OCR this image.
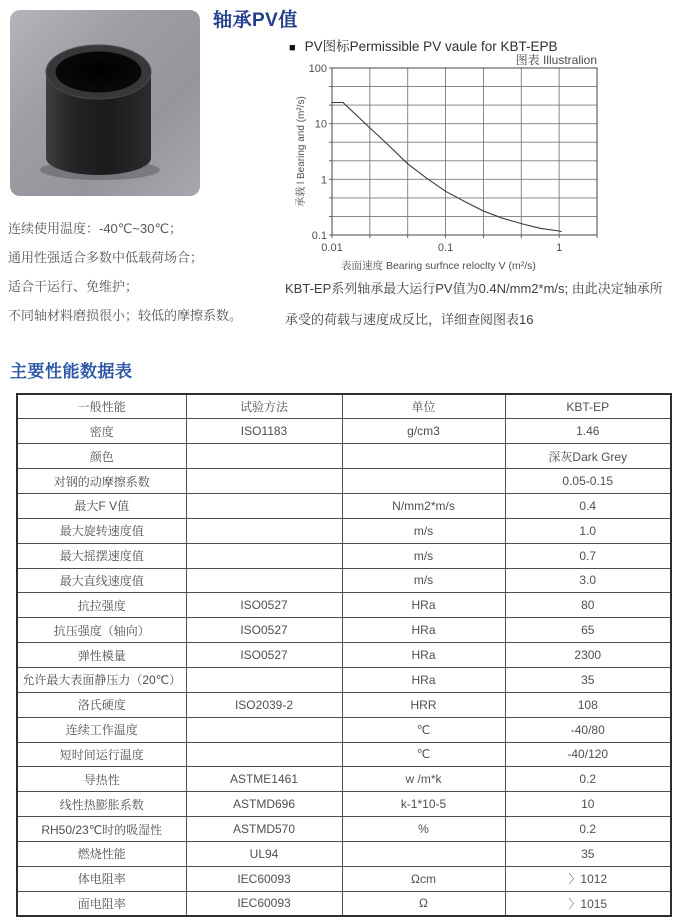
轴承PV值
■ PV图标Permissible PV vaule for KBT-EPB
图表 Illustralion
0.01	0.1	1
100
10
1
0.1
表面速度 Bearing surfnce reloclty V (m²/s)
承载 l Bearing and (m²/s)
连续使用温度：-40℃~30℃；
通用性强适合多数中低载荷场合；
适合干运行、免维护；
不同轴材料磨损很小；较低的摩擦系数。
KBT-EP系列轴承最大运行PV值为0.4N/mm2*m/s; 由此决定轴承所
承受的荷载与速度成反比，详细查阅图表16
主要性能数据表
一般性能	试验方法	单位	KBT-EP
密度	ISO1183	g/cm3	1.46
颜色			深灰Dark Grey
对钢的动摩擦系数			0.05-0.15
最大F V值		N/mm2*m/s	0.4
最大旋转速度值		m/s	1.0
最大摇摆速度值		m/s	0.7
最大直线速度值		m/s	3.0
抗拉强度	ISO0527	HRa	80
抗压强度（轴向）	ISO0527	HRa	65
弹性模量	ISO0527	HRa	2300
允许最大表面静压力（20℃）		HRa	35
洛氏硬度	ISO2039-2	HRR	108
连续工作温度		℃	-40/80
短时间运行温度		℃	-40/120
导热性	ASTME1461	w /m*k	0.2
线性热膨胀系数	ASTMD696	k-1*10-5	10
RH50/23℃时的吸湿性	ASTMD570	%	0.2
燃烧性能	UL94		35
体电阻率	IEC60093	Ωcm	〉1012
面电阻率	IEC60093	Ω	〉1015
